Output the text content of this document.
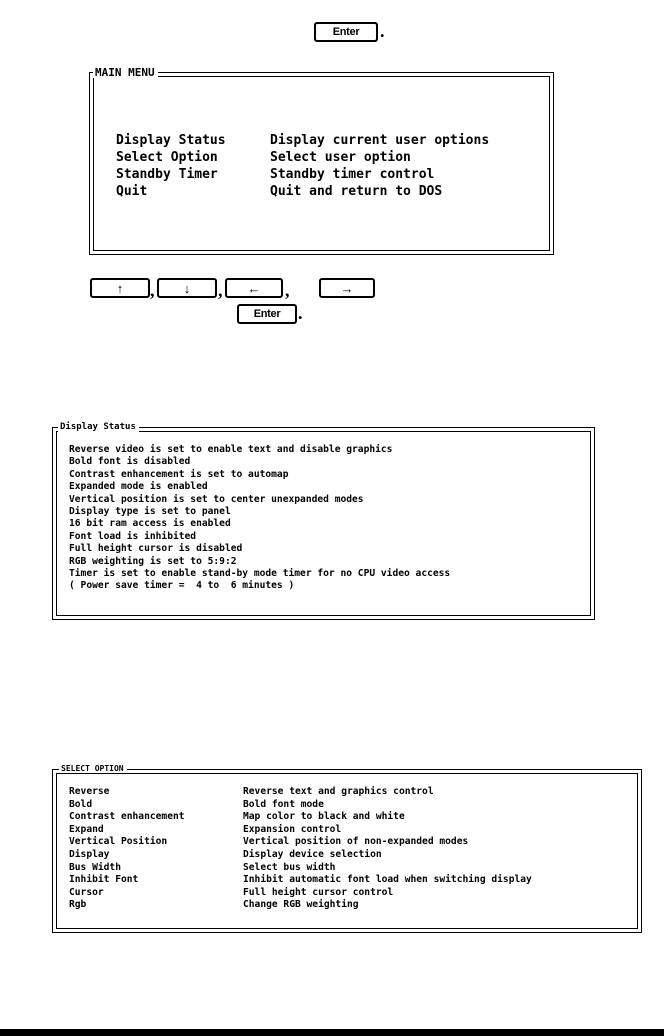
Enter .
MAIN MENU
Display Status	Display current user options
Select Option	Select user option
Standby Timer	Standby timer control
Quit	Quit and return to DOS
↑ , ↓ , ← ,	→
Enter .
Display Status
Reverse video is set to enable text and disable graphics
Bold font is disabled
Contrast enhancement is set to automap
Expanded mode is enabled
Vertical position is set to center unexpanded modes
Display type is set to panel
16 bit ram access is enabled
Font load is inhibited
Full height cursor is disabled
RGB weighting is set to 5:9:2
Timer is set to enable stand-by mode timer for no CPU video access
( Power save timer =  4 to  6 minutes )
SELECT OPTION
Reverse	Reverse text and graphics control
Bold	Bold font mode
Contrast enhancement	Map color to black and white
Expand	Expansion control
Vertical Position	Vertical position of non-expanded modes
Display	Display device selection
Bus Width	Select bus width
Inhibit Font	Inhibit automatic font load when switching display
Cursor	Full height cursor control
Rgb	Change RGB weighting
